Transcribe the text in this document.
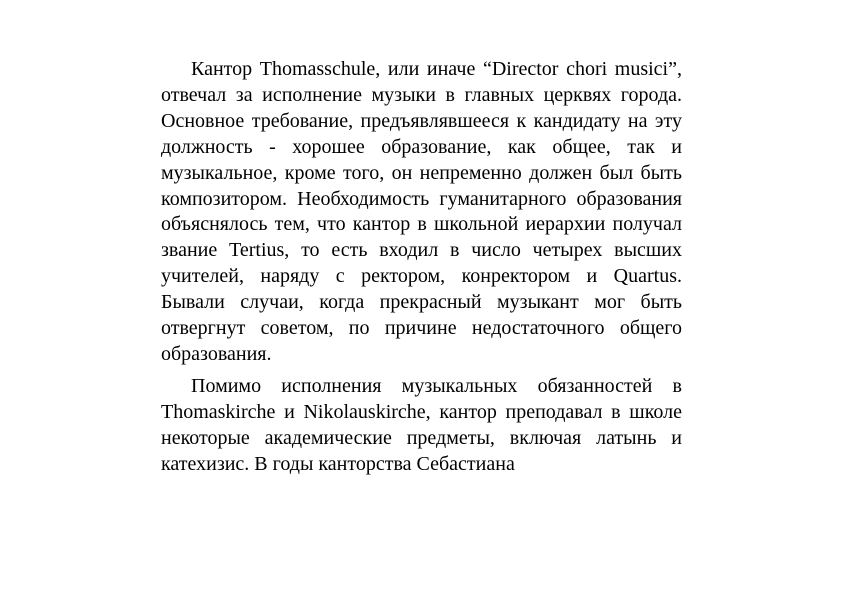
Кантор Thomasschule, или иначе “Director chori musici”, отвечал за исполнение музыки в главных церквях города. Основное требование, предъявлявшееся к кандидату на эту должность - хорошее образование, как общее, так и музыкальное, кроме того, он непременно должен был быть композитором. Необходимость гуманитарного образования объяснялось тем, что кантор в школьной иерархии получал звание Tertius, то есть входил в число четырех высших учителей, наряду с ректором, конректором и Quartus. Бывали случаи, когда прекрасный музыкант мог быть отвергнут советом, по причине недостаточного общего образования.

Помимо исполнения музыкальных обязанностей в Thomaskirche и Nikolauskirche, кантор преподавал в школе некоторые академические предметы, включая латынь и катехизис. В годы канторства Себастиана
